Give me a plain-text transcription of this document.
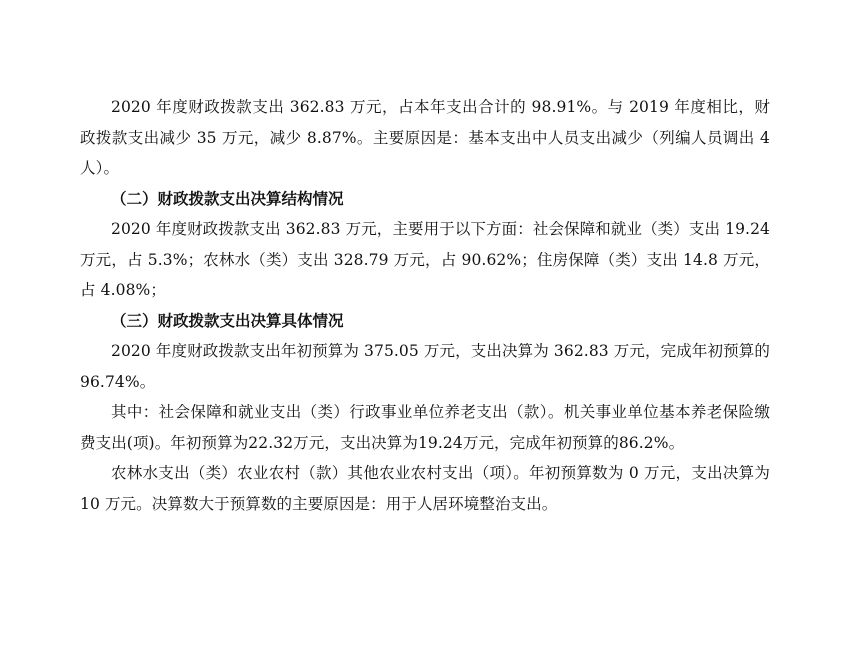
2020 年度财政拨款支出 362.83 万元，占本年支出合计的 98.91%。与 2019 年度相比，财政拨款支出减少 35 万元，减少 8.87%。主要原因是：基本支出中人员支出减少（列编人员调出 4 人）。

（二）财政拨款支出决算结构情况

2020 年度财政拨款支出 362.83 万元，主要用于以下方面：社会保障和就业（类）支出 19.24 万元，占 5.3%；农林水（类）支出 328.79 万元，占 90.62%；住房保障（类）支出 14.8 万元，占 4.08%；

（三）财政拨款支出决算具体情况

2020 年度财政拨款支出年初预算为 375.05 万元，支出决算为 362.83 万元，完成年初预算的 96.74%。

其中：社会保障和就业支出（类）行政事业单位养老支出（款）。机关事业单位基本养老保险缴费支出(项)。年初预算为22.32万元，支出决算为19.24万元，完成年初预算的86.2%。

农林水支出（类）农业农村（款）其他农业农村支出（项）。年初预算数为 0 万元，支出决算为 10 万元。决算数大于预算数的主要原因是：用于人居环境整治支出。
